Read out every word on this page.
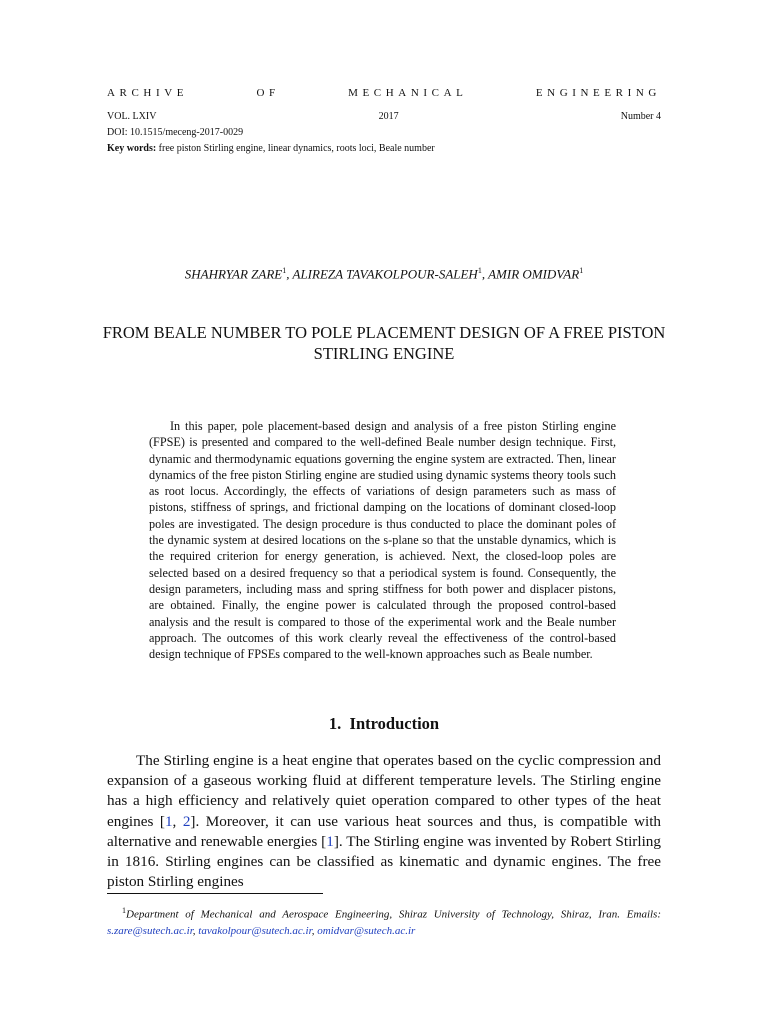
ARCHIVE	OF	MECHANICAL	ENGINEERING
VOL. LXIV	2017	Number 4
DOI: 10.1515/meceng-2017-0029
Key words: free piston Stirling engine, linear dynamics, roots loci, Beale number
SHAHRYAR ZARE$^1$, ALIREZA TAVAKOLPOUR-SALEH$^1$, AMIR OMIDVAR$^1$
FROM BEALE NUMBER TO POLE PLACEMENT DESIGN OF A FREE PISTON STIRLING ENGINE

In this paper, pole placement-based design and analysis of a free piston Stirling engine (FPSE) is presented and compared to the well-defined Beale number design technique. First, dynamic and thermodynamic equations governing the engine system are extracted. Then, linear dynamics of the free piston Stirling engine are studied using dynamic systems theory tools such as root locus. Accordingly, the effects of variations of design parameters such as mass of pistons, stiffness of springs, and frictional damping on the locations of dominant closed-loop poles are investigated. The design procedure is thus conducted to place the dominant poles of the dynamic system at desired locations on the s-plane so that the unstable dynamics, which is the required criterion for energy generation, is achieved. Next, the closed-loop poles are selected based on a desired frequency so that a periodical system is found. Consequently, the design parameters, including mass and spring stiffness for both power and displacer pistons, are obtained. Finally, the engine power is calculated through the proposed control-based analysis and the result is compared to those of the experimental work and the Beale number approach. The outcomes of this work clearly reveal the effectiveness of the control-based design technique of FPSEs compared to the well-known approaches such as Beale number.

1. Introduction

The Stirling engine is a heat engine that operates based on the cyclic compression and expansion of a gaseous working fluid at different temperature levels. The Stirling engine has a high efficiency and relatively quiet operation compared to other types of the heat engines [1, 2]. Moreover, it can use various heat sources and thus, is compatible with alternative and renewable energies [1]. The Stirling engine was invented by Robert Stirling in 1816. Stirling engines can be classified as kinematic and dynamic engines. The free piston Stirling engines

$^1$Department of Mechanical and Aerospace Engineering, Shiraz University of Technology, Shiraz, Iran. Emails: s.zare@sutech.ac.ir, tavakolpour@sutech.ac.ir, omidvar@sutech.ac.ir
